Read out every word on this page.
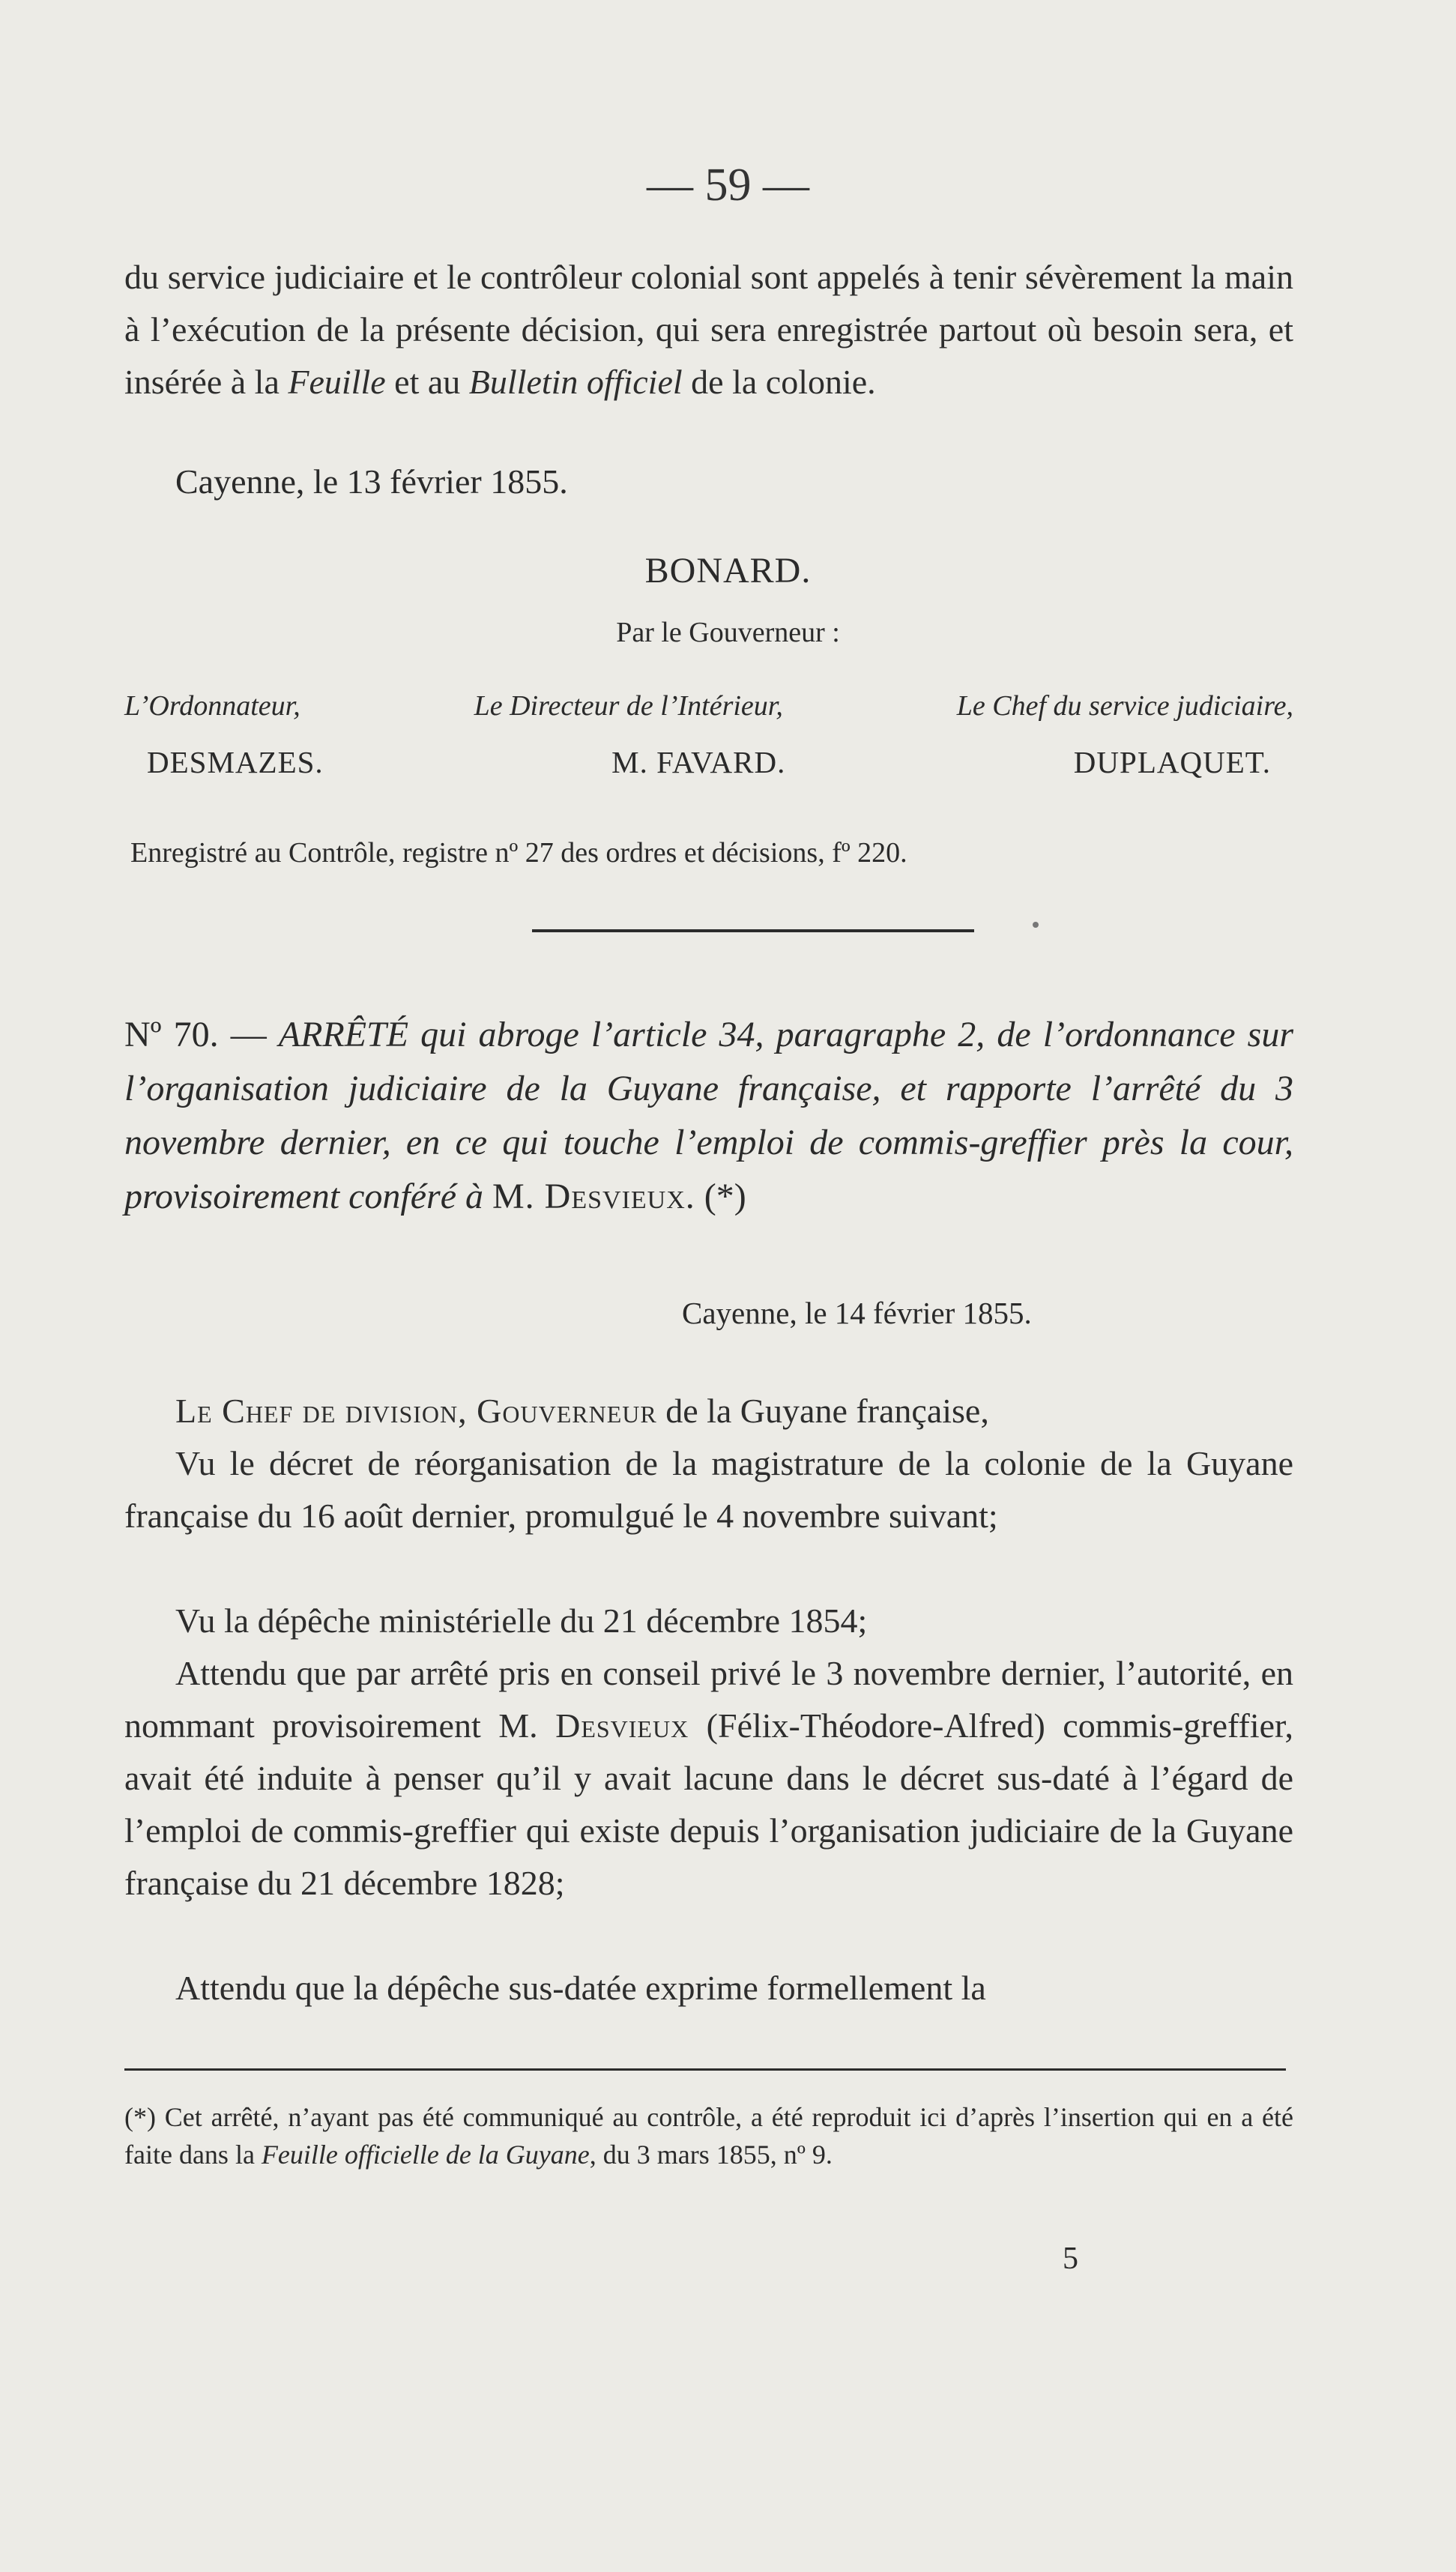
— 59 —
du service judiciaire et le contrôleur colonial sont appelés à tenir sévèrement la main à l’exécution de la présente décision, qui sera enregistrée partout où besoin sera, et insérée à la Feuille et au Bulletin officiel de la colonie.
Cayenne, le 13 février 1855.
BONARD.
Par le Gouverneur :
L’Ordonnateur,	Le Directeur de l’Intérieur,	Le Chef du service judiciaire,
DESMAZES.	M. FAVARD.	DUPLAQUET.
Enregistré au Contrôle, registre nº 27 des ordres et décisions, fº 220.
Nº 70. — ARRÊTÉ qui abroge l’article 34, paragraphe 2, de l’ordonnance sur l’organisation judiciaire de la Guyane française, et rapporte l’arrêté du 3 novembre dernier, en ce qui touche l’emploi de commis-greffier près la cour, provisoirement conféré à M. Desvieux. (*)
Cayenne, le 14 février 1855.
Le Chef de division, Gouverneur de la Guyane française,
Vu le décret de réorganisation de la magistrature de la colonie de la Guyane française du 16 août dernier, promulgué le 4 novembre suivant;
Vu la dépêche ministérielle du 21 décembre 1854;
Attendu que par arrêté pris en conseil privé le 3 novembre dernier, l’autorité, en nommant provisoirement M. Desvieux (Félix-Théodore-Alfred) commis-greffier, avait été induite à penser qu’il y avait lacune dans le décret sus-daté à l’égard de l’emploi de commis-greffier qui existe depuis l’organisation judiciaire de la Guyane française du 21 décembre 1828;
Attendu que la dépêche sus-datée exprime formellement la
(*) Cet arrêté, n’ayant pas été communiqué au contrôle, a été reproduit ici d’après l’insertion qui en a été faite dans la Feuille officielle de la Guyane, du 3 mars 1855, nº 9.
5
